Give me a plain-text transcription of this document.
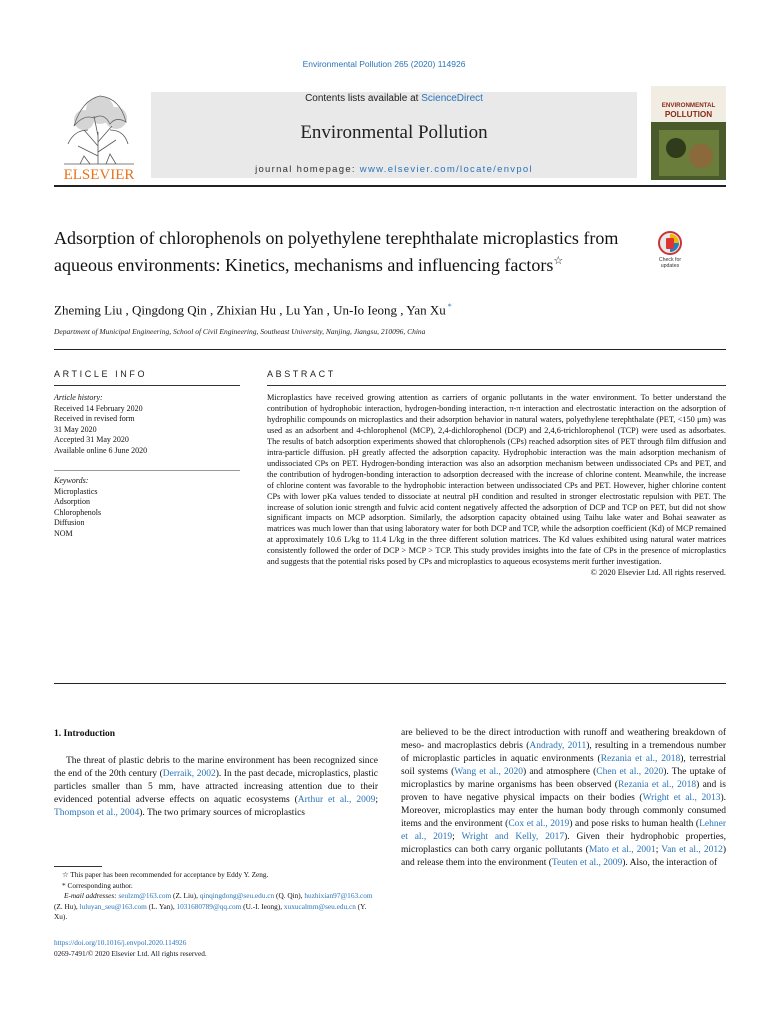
Environmental Pollution 265 (2020) 114926
ELSEVIER
Contents lists available at ScienceDirect
Environmental Pollution
journal homepage: www.elsevier.com/locate/envpol
ENVIRONMENTAL
POLLUTION
Adsorption of chlorophenols on polyethylene terephthalate microplastics from aqueous environments: Kinetics, mechanisms and influencing factors☆	Check for
updates
Zheming Liu , Qingdong Qin , Zhixian Hu , Lu Yan , Un-Io Ieong , Yan Xu *
Department of Municipal Engineering, School of Civil Engineering, Southeast University, Nanjing, Jiangsu, 210096, China
ARTICLE INFO	ABSTRACT
Article history:
Received 14 February 2020
Received in revised form
31 May 2020
Accepted 31 May 2020
Available online 6 June 2020
Keywords:
Microplastics
Adsorption
Chlorophenols
Diffusion
NOM
Microplastics have received growing attention as carriers of organic pollutants in the water environment. To better understand the contribution of hydrophobic interaction, hydrogen-bonding interaction, π-π interaction and electrostatic interaction on the adsorption of hydrophilic compounds on microplastics and their adsorption behavior in natural waters, polyethylene terephthalate (PET, <150 μm) was used as an adsorbent and 4-chlorophenol (MCP), 2,4-dichlorophenol (DCP) and 2,4,6-trichlorophenol (TCP) were used as adsorbates. The results of batch adsorption experiments showed that chlorophenols (CPs) reached adsorption sites of PET through film diffusion and intra-particle diffusion. pH greatly affected the adsorption capacity. Hydrophobic interaction was the main adsorption mechanism of undissociated CPs on PET. Hydrogen-bonding interaction was also an adsorption mechanism between undissociated CPs and PET, and the contribution of hydrogen-bonding interaction to adsorption decreased with the increase of chlorine content. Meanwhile, the increase of chlorine content was favorable to the hydrophobic interaction between undissociated CPs and PET. However, higher chlorine content CPs with lower pKa values tended to dissociate at neutral pH condition and resulted in stronger electrostatic repulsion with PET. The increase of solution ionic strength and fulvic acid content negatively affected the adsorption of DCP and TCP on PET, but did not show significant impacts on MCP adsorption. Similarly, the adsorption capacity obtained using Taihu lake water and Bohai seawater as matrices was much lower than that using laboratory water for both DCP and TCP, while the adsorption coefficient (Kd) of MCP remained at approximately 10.6 L/kg to 11.4 L/kg in the three different solution matrices. The Kd values exhibited using natural water matrices consistently followed the order of DCP > MCP > TCP. This study provides insights into the fate of CPs in the presence of microplastics and suggests that the potential risks posed by CPs and microplastics to aqueous ecosystems merit further investigation.
© 2020 Elsevier Ltd. All rights reserved.
1. Introduction
The threat of plastic debris to the marine environment has been recognized since the end of the 20th century (Derraik, 2002). In the past decade, microplastics, plastic particles smaller than 5 mm, have attracted increasing attention due to their evidenced potential adverse effects on aquatic ecosystems (Arthur et al., 2009; Thompson et al., 2004). The two primary sources of microplastics
are believed to be the direct introduction with runoff and weathering breakdown of meso- and macroplastics debris (Andrady, 2011), resulting in a tremendous number of microplastic particles in aquatic environments (Rezania et al., 2018), terrestrial soil systems (Wang et al., 2020) and atmosphere (Chen et al., 2020). The uptake of microplastics by marine organisms has been observed (Rezania et al., 2018) and is proven to have negative physical impacts on their bodies (Wright et al., 2013). Moreover, microplastics may enter the human body through commonly consumed items and the environment (Cox et al., 2019) and pose risks to human health (Lehner et al., 2019; Wright and Kelly, 2017). Given their hydrophobic properties, microplastics can both carry organic pollutants (Mato et al., 2001; Van et al., 2012) and release them into the environment (Teuten et al., 2009). Also, the interaction of
☆ This paper has been recommended for acceptance by Eddy Y. Zeng.
* Corresponding author.
E-mail addresses: seulzm@163.com (Z. Liu), qinqingdong@seu.edu.cn (Q. Qin), huzhixian97@163.com (Z. Hu), luluyan_seu@163.com (L. Yan), 1031680789@qq.com (U.-I. Ieong), xuxucalmm@seu.edu.cn (Y. Xu).
https://doi.org/10.1016/j.envpol.2020.114926
0269-7491/© 2020 Elsevier Ltd. All rights reserved.
